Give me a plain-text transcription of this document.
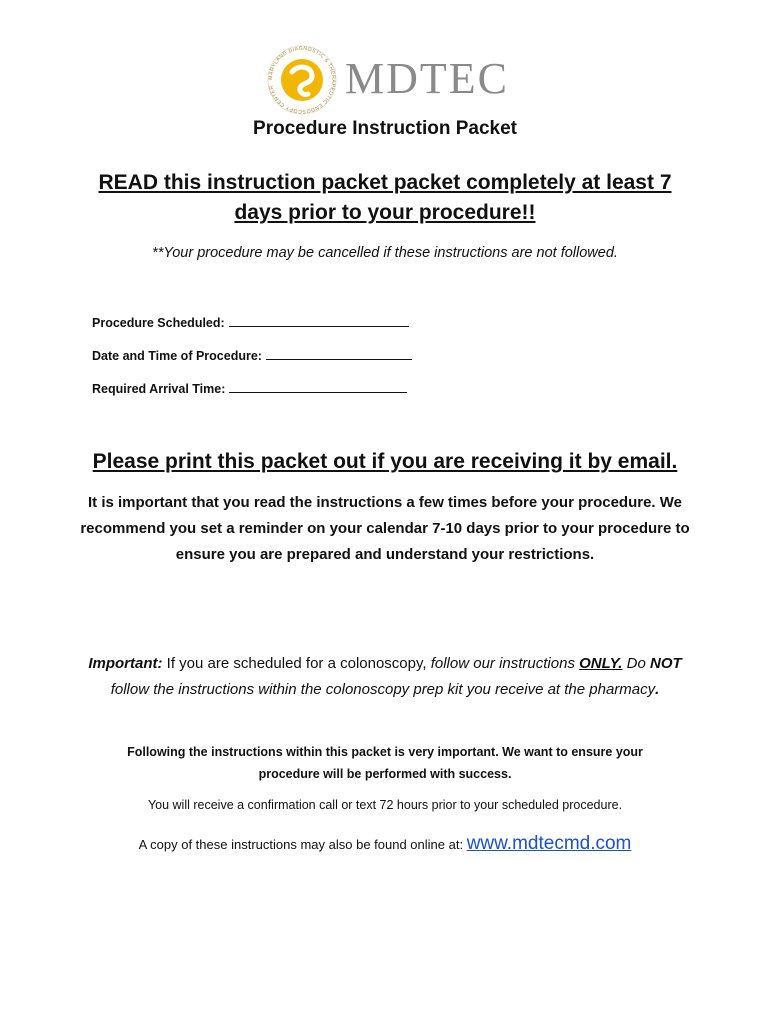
MARYLAND DIAGNOSTIC & THERAPEUTIC ENDOSCOPY CENTER	MDTEC
Procedure Instruction Packet
READ this instruction packet packet completely at least 7 days prior to your procedure!!
**Your procedure may be cancelled if these instructions are not followed.
Procedure Scheduled:
Date and Time of Procedure:
Required Arrival Time:
Please print this packet out if you are receiving it by email.
It is important that you read the instructions a few times before your procedure. We recommend you set a reminder on your calendar 7-10 days prior to your procedure to ensure you are prepared and understand your restrictions.
Important: If you are scheduled for a colonoscopy, follow our instructions ONLY. Do NOT follow the instructions within the colonoscopy prep kit you receive at the pharmacy.
Following the instructions within this packet is very important. We want to ensure your procedure will be performed with success.
You will receive a confirmation call or text 72 hours prior to your scheduled procedure.
A copy of these instructions may also be found online at: www.mdtecmd.com
